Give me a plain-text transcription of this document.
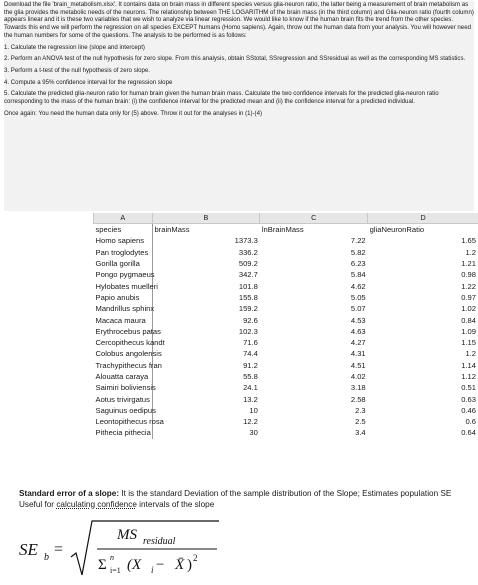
Download the file 'brain_metabolism.xlsx'. It contains data on brain mass in different species versus glia-neuron ratio, the latter being a measurement of brain metabolism as the glia provides the metabolic needs of the neurons. The relationship between THE LOGARITHM of the brain mass (in the third column) and Glia-neuron ratio (fourth column) appears linear and it is these two variables that we wish to analyze via linear regression. We would like to know if the human brain fits the trend from the other species. Towards this end we will perform the regression on all species EXCEPT humans (Homo sapiens). Again, throw out the human data from your analysis. You will however need the human numbers for some of the questions. The analysis to be performed is as follows:

1. Calculate the regression line (slope and intercept)

2. Perform an ANOVA test of the null hypothesis for zero slope. From this analysis, obtain SStotal, SSregression and SSresidual as well as the corresponding MS statistics.

3. Perform a t-test of the null hypothesis of zero slope.

4. Compute a 95% confidence interval for the regression slope

5. Calculate the predicted glia-neuron ratio for human brain given the human brain mass. Calculate the two confidence intervals for the predicted glia-neuron ratio corresponding to the mass of the human brain: (i) the confidence interval for the predicted mean and (ii) the confidence interval for a predicted individual.

Once again: You need the human data only for (5) above. Throw it out for the analyses in (1)-(4)

A	B	C	D
species	brainMass	lnBrainMass	gliaNeuronRatio
Homo sapiens	1373.3	7.22	1.65
Pan troglodytes	336.2	5.82	1.2
Gorilla gorilla	509.2	6.23	1.21
Pongo pygmaeus	342.7	5.84	0.98
Hylobates muelleri	101.8	4.62	1.22
Papio anubis	155.8	5.05	0.97
Mandrillus sphinx	159.2	5.07	1.02
Macaca maura	92.6	4.53	0.84
Erythrocebus patas	102.3	4.63	1.09
Cercopithecus kandt	71.6	4.27	1.15
Colobus angolensis	74.4	4.31	1.2
Trachypithecus fran	91.2	4.51	1.14
Alouatta caraya	55.8	4.02	1.12
Saimiri boliviensis	24.1	3.18	0.51
Aotus trivirgatus	13.2	2.58	0.63
Saguinus oedipus	10	2.3	0.46
Leontopithecus rosa	12.2	2.5	0.6
Pithecia pithecia	30	3.4	0.64
Standard error of a slope: It is the standard Deviation of the sample distribution of the Slope; Estimates population SE
Useful for calculating confidence intervals of the slope
SE b =
MS residual
Σ n
i=1 (X i − X̄ ) 2
